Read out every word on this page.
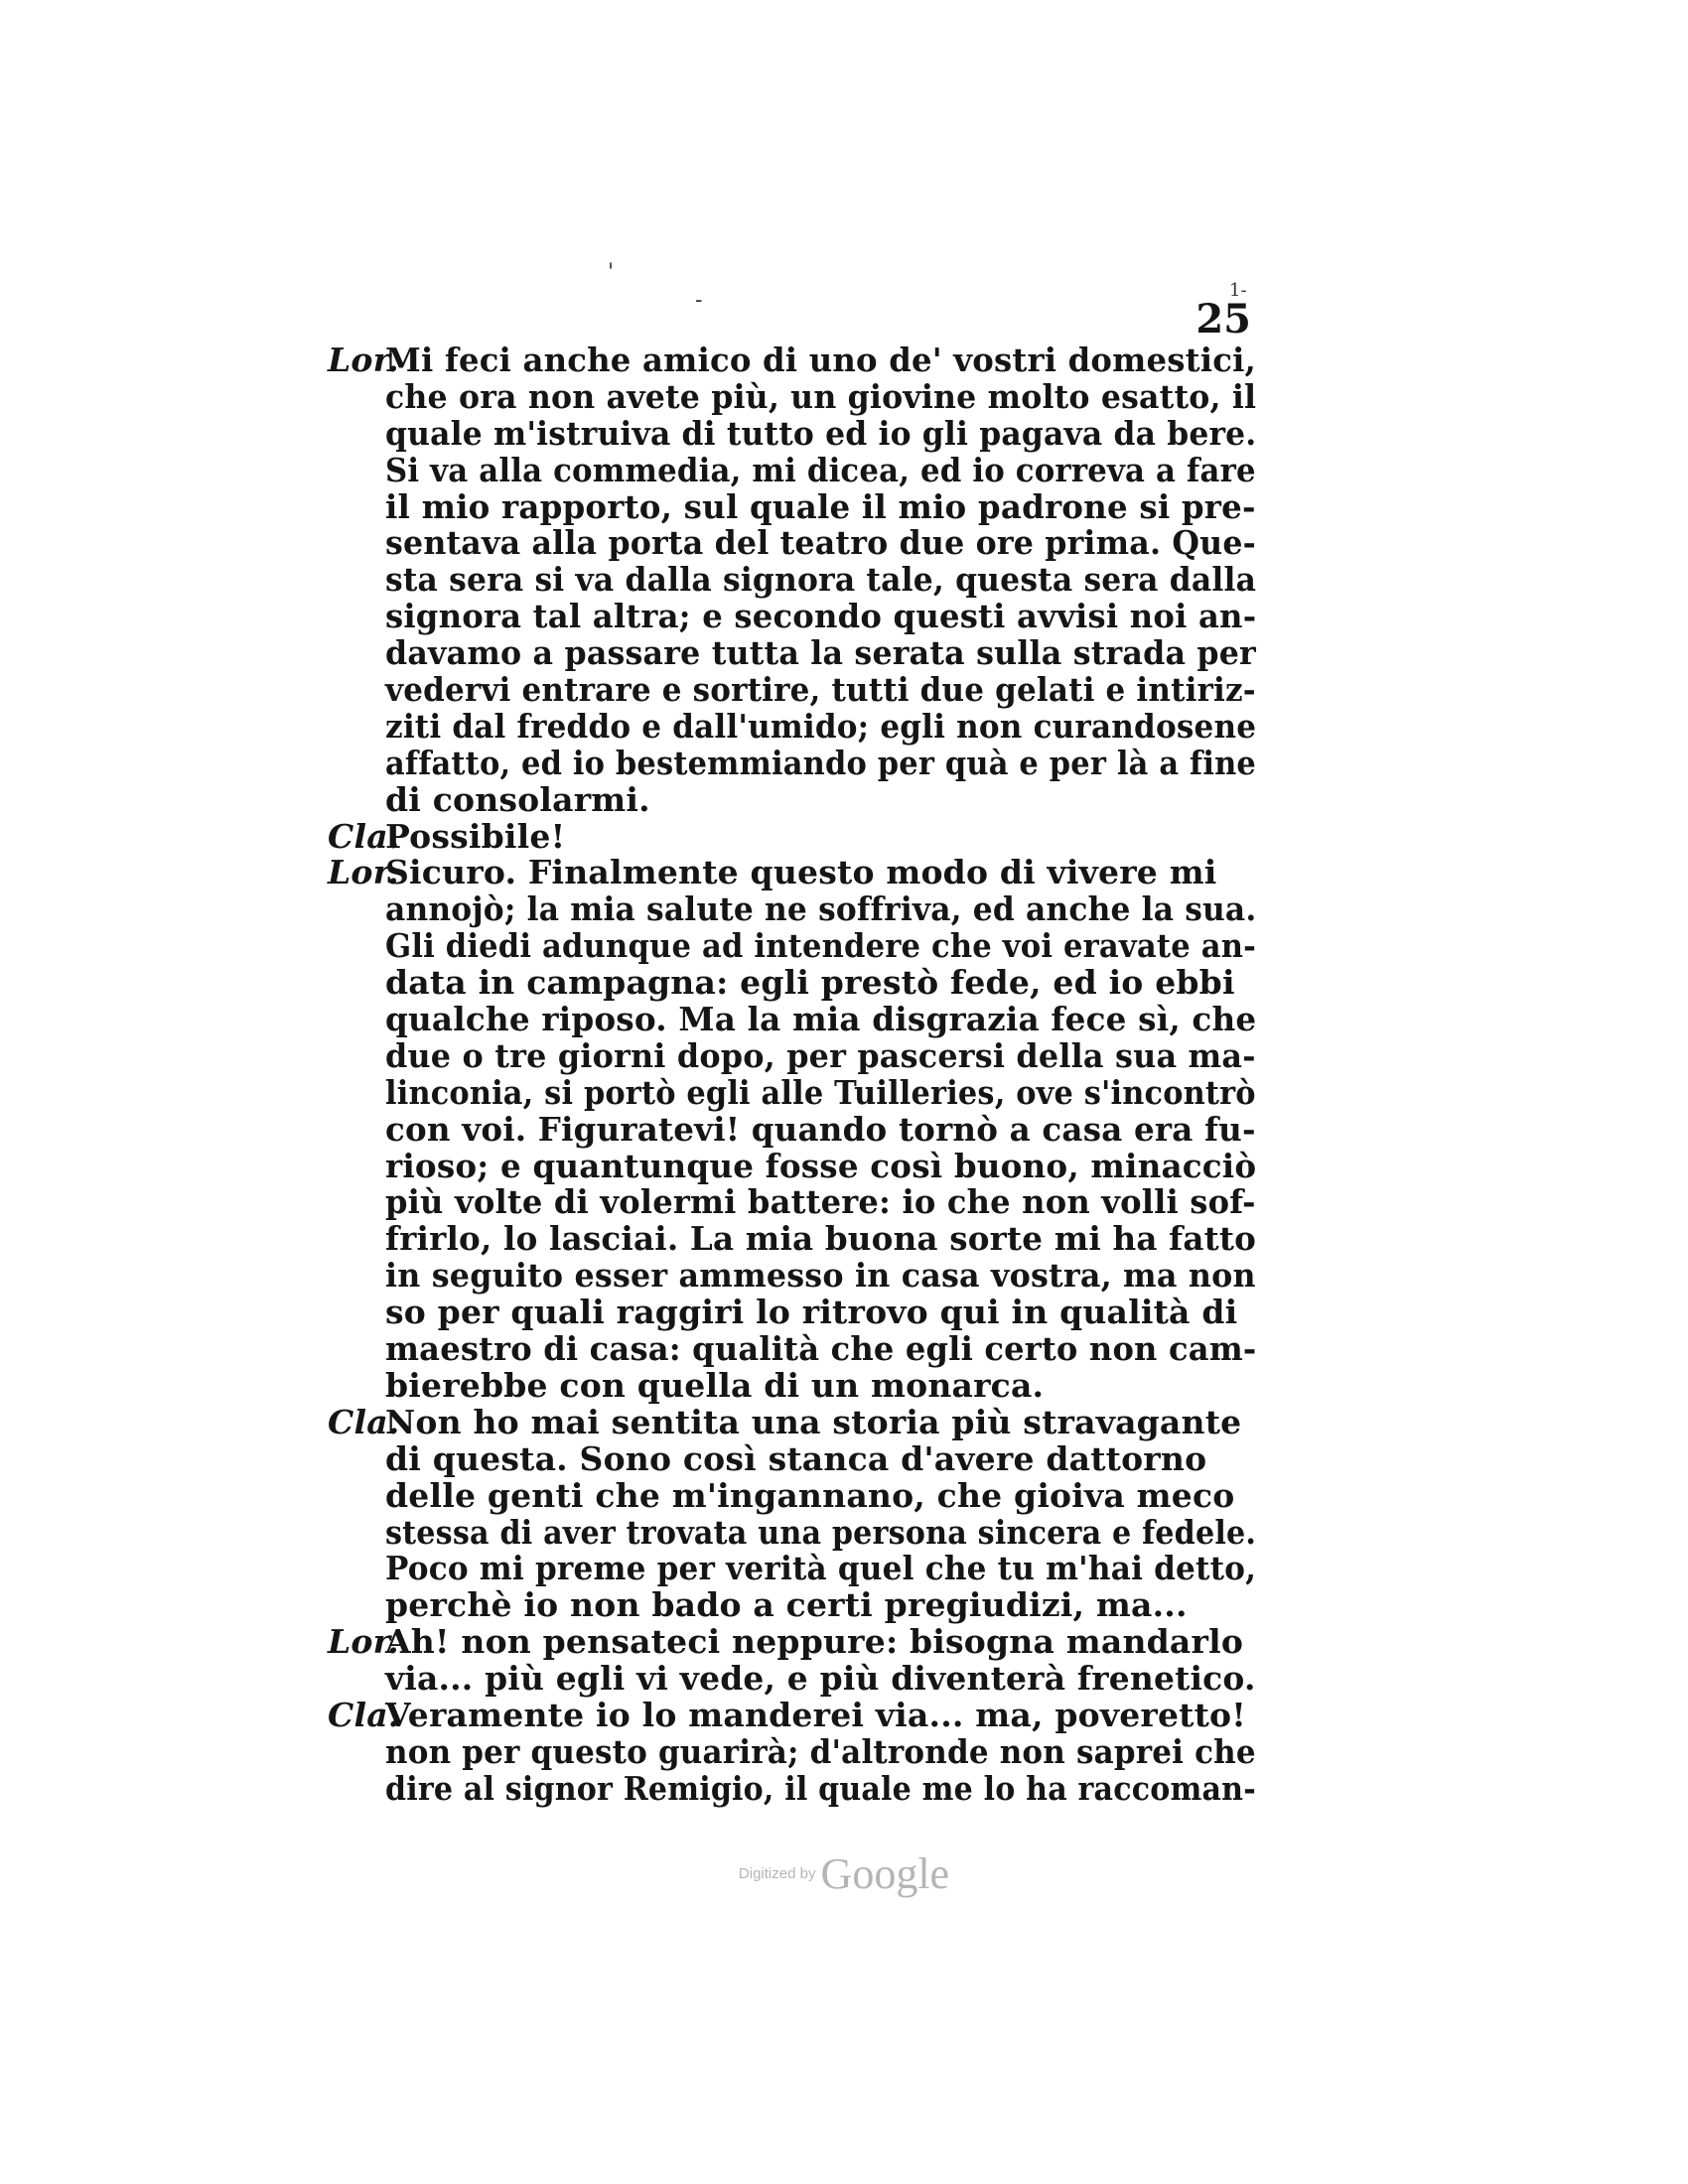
'
-	1-
25
Lor.
Mi feci anche amico di uno de' vostri domestici,
che ora non avete più, un giovine molto esatto, il
quale m'istruiva di tutto ed io gli pagava da bere.
Si va alla commedia, mi dicea, ed io correva a fare
il mio rapporto, sul quale il mio padrone si pre-
sentava alla porta del teatro due ore prima. Que-
sta sera si va dalla signora tale, questa sera dalla
signora tal altra; e secondo questi avvisi noi an-
davamo a passare tutta la serata sulla strada per
vedervi entrare e sortire, tutti due gelati e intiriz-
ziti dal freddo e dall'umido; egli non curandosene
affatto, ed io bestemmiando per quà e per là a fine
di consolarmi.
Cla.
Possibile!
Lor.
Sicuro. Finalmente questo modo di vivere mi
annojò; la mia salute ne soffriva, ed anche la sua.
Gli diedi adunque ad intendere che voi eravate an-
data in campagna: egli prestò fede, ed io ebbi
qualche riposo. Ma la mia disgrazia fece sì, che
due o tre giorni dopo, per pascersi della sua ma-
linconia, si portò egli alle Tuilleries, ove s'incontrò
con voi. Figuratevi! quando tornò a casa era fu-
rioso; e quantunque fosse così buono, minacciò
più volte di volermi battere: io che non volli sof-
frirlo, lo lasciai. La mia buona sorte mi ha fatto
in seguito esser ammesso in casa vostra, ma non
so per quali raggiri lo ritrovo qui in qualità di
maestro di casa: qualità che egli certo non cam-
bierebbe con quella di un monarca.
Cla.
Non ho mai sentita una storia più stravagante
di questa. Sono così stanca d'avere dattorno
delle genti che m'ingannano, che gioiva meco
stessa di aver trovata una persona sincera e fedele.
Poco mi preme per verità quel che tu m'hai detto,
perchè io non bado a certi pregiudizi, ma...
Lor.
Ah! non pensateci neppure: bisogna mandarlo
via... più egli vi vede, e più diventerà frenetico.
Cla.
Veramente io lo manderei via... ma, poveretto!
non per questo guarirà; d'altronde non saprei che
dire al signor Remigio, il quale me lo ha raccoman-
Digitized by Google
